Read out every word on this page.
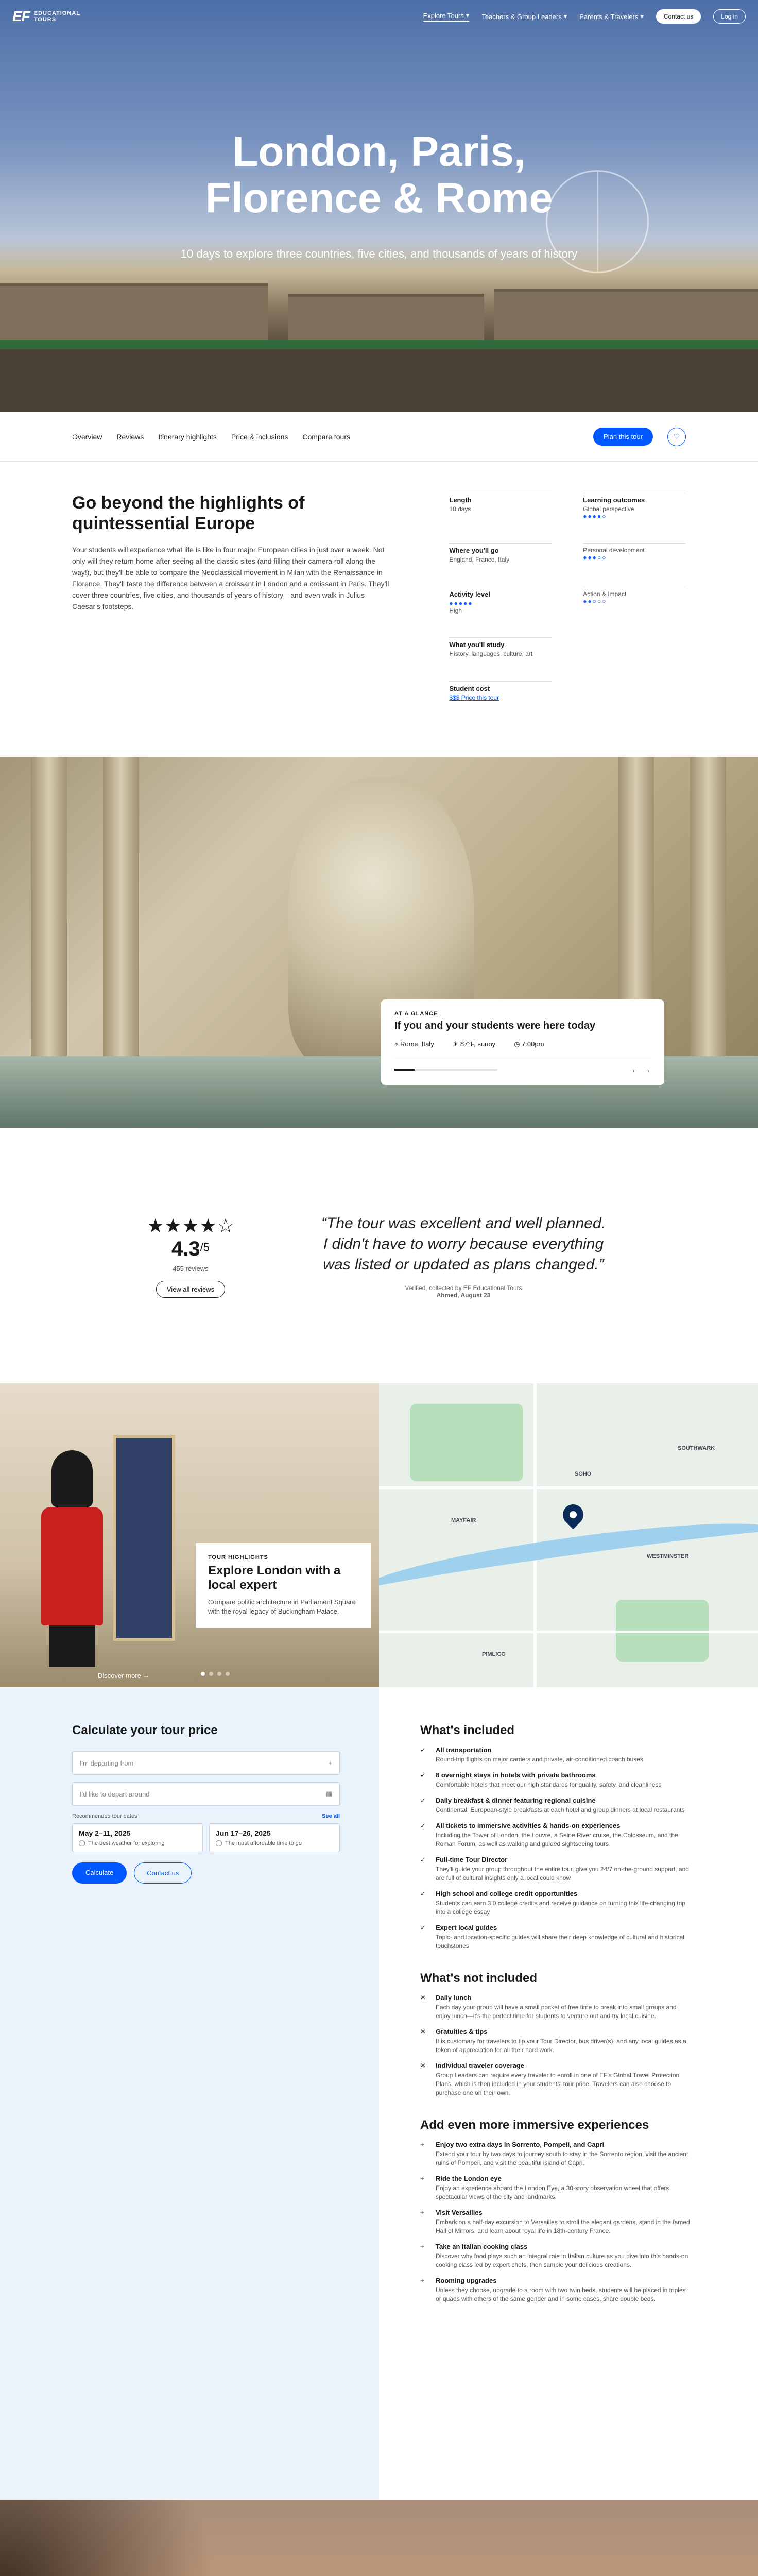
EF EDUCATIONAL
TOURS
Explore Tours ▾ Teachers & Group Leaders ▾ Parents & Travelers ▾	Contact us	Log in
London, Paris,
Florence & Rome
10 days to explore three countries, five cities, and thousands of years of history
Overview Reviews Itinerary highlights Price & inclusions Compare tours	Plan this tour	♡
Go beyond the highlights of quintessential Europe

Your students will experience what life is like in four major European cities in just over a week. Not only will they return home after seeing all the classic sites (and filling their camera roll along the way!), but they'll be able to compare the Neoclassical movement in Milan with the Renaissance in Florence. They'll taste the difference between a croissant in London and a croissant in Paris. They'll cover three countries, five cities, and thousands of years of history—and even walk in Julius Caesar's footsteps.

Length
10 days
Learning outcomes
Global perspective
●●●●○
Where you'll go
England, France, Italy
Personal development
●●●○○
Activity level
●●●●●
High
Action & Impact
●●○○○
What you'll study
History, languages, culture, art
Student cost
$$$ Price this tour
AT A GLANCE
If you and your students were here today
⌖ Rome, Italy	☀ 87°F, sunny	◷ 7:00pm
← →
★★★★☆ 4.3/5
455 reviews
View all reviews
“The tour was excellent and well planned. I didn't have to worry because everything was listed or updated as plans changed.”
Verified, collected by EF Educational Tours
Ahmed, August 23
TOUR HIGHLIGHTS
Explore London with a local expert

Compare politic architecture in Parliament Square with the royal legacy of Buckingham Palace.

Discover more →
SOHO
MAYFAIR
WESTMINSTER
PIMLICO
SOUTHWARK
Calculate your tour price
I'm departing from	+
I'd like to depart around	▦
Recommended tour dates	See all
May 2–11, 2025
The best weather for exploring
Jun 17–26, 2025
The most affordable time to go
Calculate	Contact us
What's included
✓	All transportation
Round-trip flights on major carriers and private, air-conditioned coach buses
✓	8 overnight stays in hotels with private bathrooms
Comfortable hotels that meet our high standards for quality, safety, and cleanliness
✓	Daily breakfast & dinner featuring regional cuisine
Continental, European-style breakfasts at each hotel and group dinners at local restaurants
✓	All tickets to immersive activities & hands-on experiences
Including the Tower of London, the Louvre, a Seine River cruise, the Colosseum, and the Roman Forum, as well as walking and guided sightseeing tours
✓	Full-time Tour Director
They'll guide your group throughout the entire tour, give you 24/7 on-the-ground support, and are full of cultural insights only a local could know
✓	High school and college credit opportunities
Students can earn 3.0 college credits and receive guidance on turning this life-changing trip into a college essay
✓	Expert local guides
Topic- and location-specific guides will share their deep knowledge of cultural and historical touchstones
What's not included
✕	Daily lunch
Each day your group will have a small pocket of free time to break into small groups and enjoy lunch—it's the perfect time for students to venture out and try local cuisine.
✕	Gratuities & tips
It is customary for travelers to tip your Tour Director, bus driver(s), and any local guides as a token of appreciation for all their hard work.
✕	Individual traveler coverage
Group Leaders can require every traveler to enroll in one of EF's Global Travel Protection Plans, which is then included in your students' tour price. Travelers can also choose to purchase one on their own.
Add even more immersive experiences
+	Enjoy two extra days in Sorrento, Pompeii, and Capri
Extend your tour by two days to journey south to stay in the Sorrento region, visit the ancient ruins of Pompeii, and visit the beautiful island of Capri.
+	Ride the London eye
Enjoy an experience aboard the London Eye, a 30-story observation wheel that offers spectacular views of the city and landmarks.
+	Visit Versailles
Embark on a half-day excursion to Versailles to stroll the elegant gardens, stand in the famed Hall of Mirrors, and learn about royal life in 18th-century France.
+	Take an Italian cooking class
Discover why food plays such an integral role in Italian culture as you dive into this hands-on cooking class led by expert chefs, then sample your delicious creations.
+	Rooming upgrades
Unless they choose, upgrade to a room with two twin beds, students will be placed in triples or quads with others of the same gender and in some cases, share double beds.
